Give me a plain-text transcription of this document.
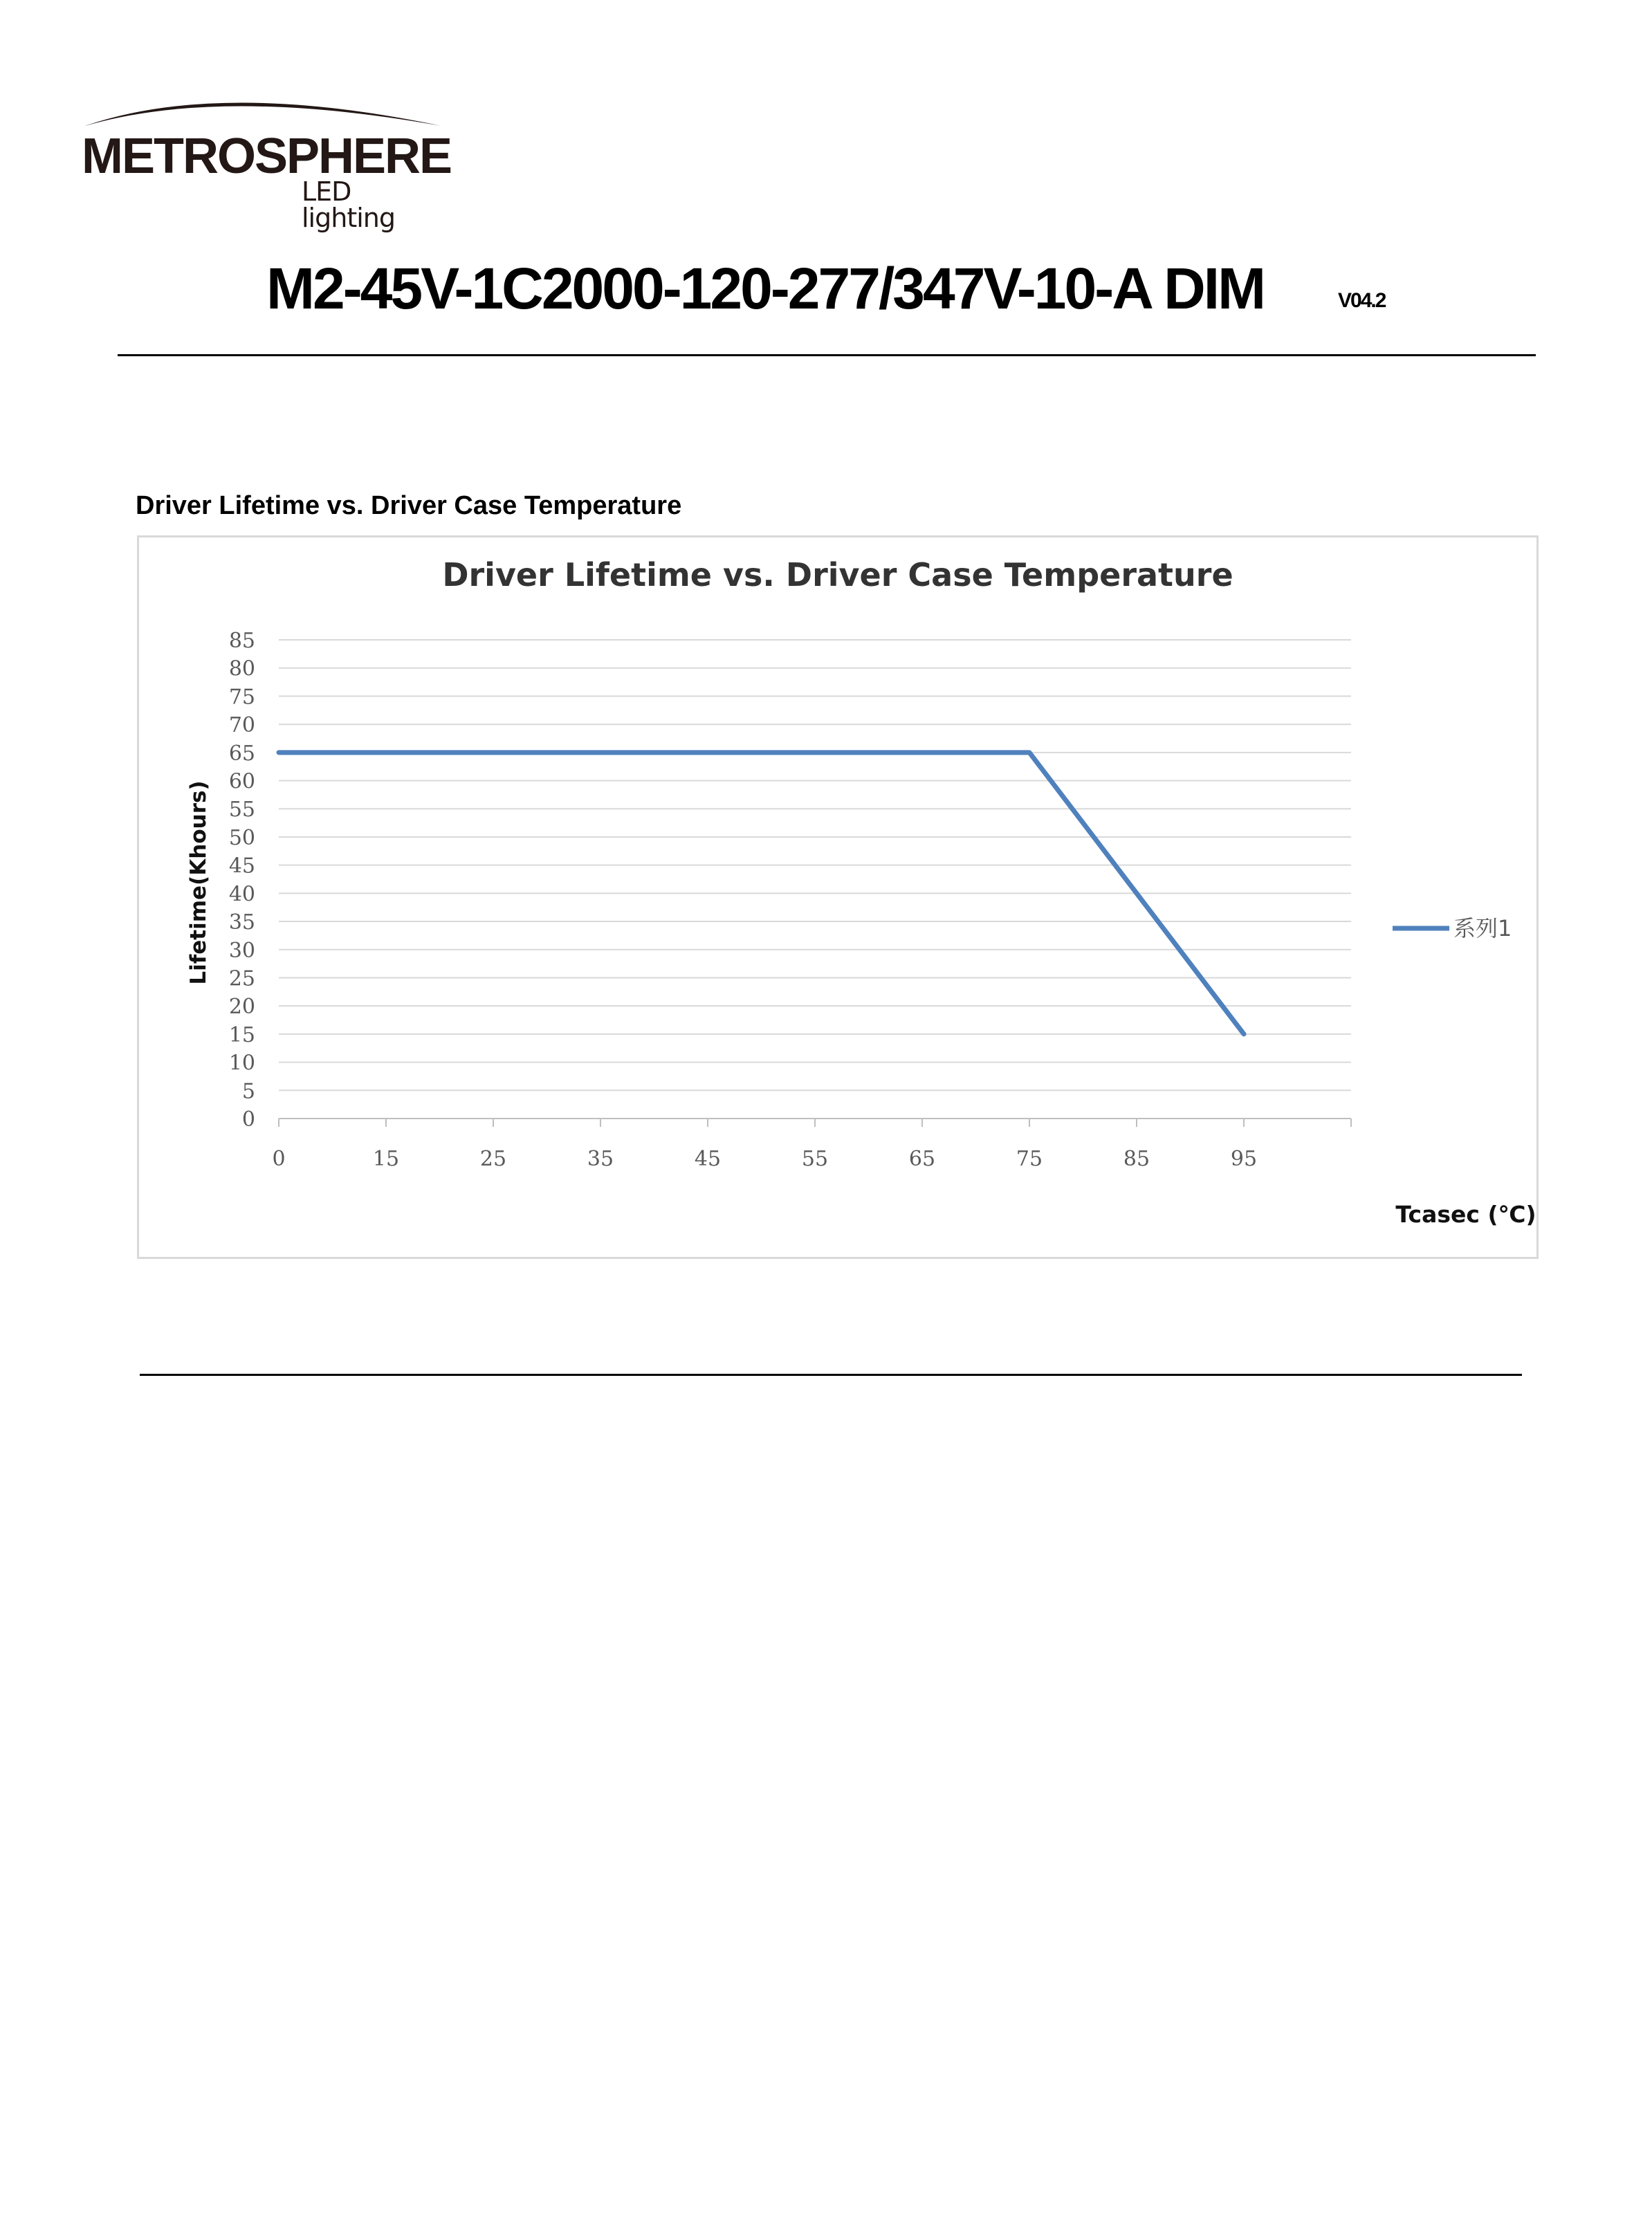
METROSPHERE
LED lighting
M2-45V-1C2000-120-277/347V-10-A DIM	V04.2
Driver Lifetime vs. Driver Case Temperature
0
5
10
15
20
25
30
35
40
45
50
55
60
65
70
75
80
85
0	15	25	35	45	55	65	75	85	95
Driver Lifetime vs. Driver Case Temperature
Lifetime(Khours)
Tcasec (℃)
系列1
